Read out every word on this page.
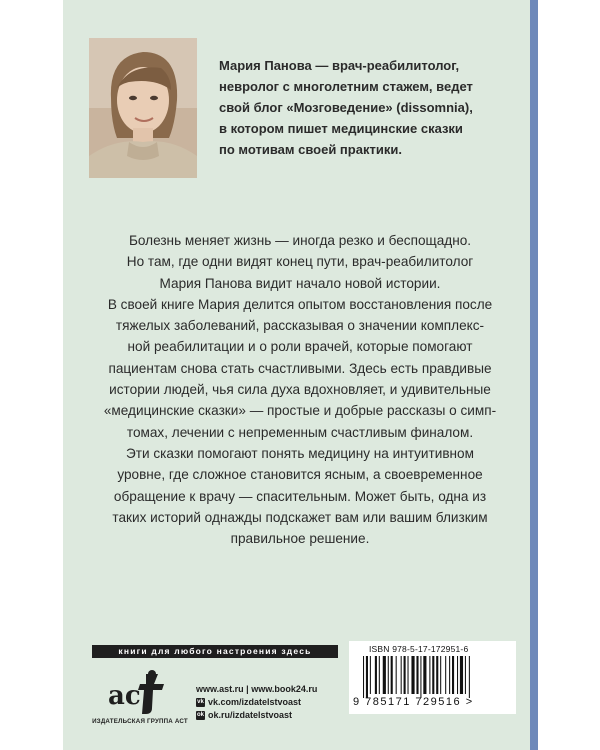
Мария Панова — врач-реабилитолог,
невролог с многолетним стажем, ведет
свой блог «Мозговедение» (dissomnia),
в котором пишет медицинские сказки
по мотивам своей практики.
Болезнь меняет жизнь — иногда резко и беспощадно.
Но там, где одни видят конец пути, врач-реабилитолог
Мария Панова видит начало новой истории.
В своей книге Мария делится опытом восстановления после
тяжелых заболеваний, рассказывая о значении комплекс-
ной реабилитации и о роли врачей, которые помогают
пациентам снова стать счастливыми. Здесь есть правдивые
истории людей, чья сила духа вдохновляет, и удивительные
«медицинские сказки» — простые и добрые рассказы о симп-
томах, лечении с непременным счастливым финалом.
Эти сказки помогают понять медицину на интуитивном
уровне, где сложное становится ясным, а своевременное
обращение к врачу — спасительным. Может быть, одна из
таких историй однажды подскажет вам или вашим близким
правильное решение.
книги для любого настроения здесь
ас
ИЗДАТЕЛЬСКАЯ ГРУППА АСТ
www.ast.ru | www.book24.ru
vk vk.com/izdatelstvoast
ok ok.ru/izdatelstvoast
ISBN 978-5-17-172951-6
9 785171 729516 >
